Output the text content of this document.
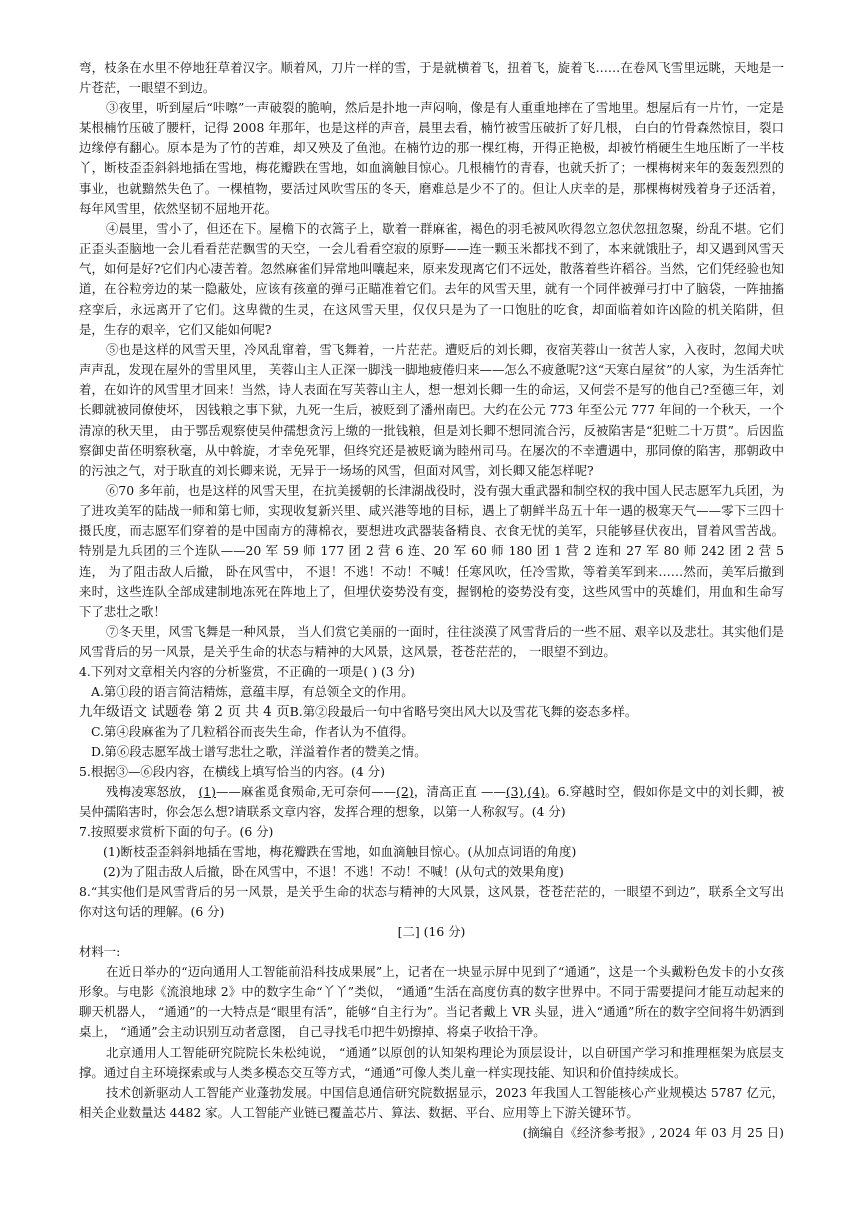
弯，枝条在水里不停地狂草着汉字。顺着风，刀片一样的雪，于是就横着飞，扭着飞，旋着飞……在卷风飞雪里远眺，天地是一片苍茫，一眼望不到边。

③夜里，听到屋后“咔嚓”一声破裂的脆响，然后是扑地一声闷响，像是有人重重地摔在了雪地里。想屋后有一片竹，一定是某根楠竹压破了腰杆，记得 2008 年那年，也是这样的声音，晨里去看，楠竹被雪压破折了好几根， 白白的竹骨森然惊目，裂口边缘停有翻心。原本是为了竹的苦难，却又殃及了鱼池。在楠竹边的那一棵红梅，开得正艳极，却被竹梢硬生生地压断了一半枝丫，断枝歪歪斜斜地插在雪地，梅花瓣跌在雪地，如血滴触目惊心。几根楠竹的青春，也就夭折了；一棵梅树来年的轰轰烈烈的事业，也就黯然失色了。一棵植物，要活过风吹雪压的冬天，磨难总是少不了的。但让人庆幸的是，那棵梅树残着身子还活着，每年风雪里，依然坚韧不屈地开花。

④晨里，雪小了，但还在下。屋檐下的衣篙子上，歇着一群麻雀，褐色的羽毛被风吹得忽立忽伏忽扭忽聚，纷乱不堪。它们正歪头歪脑地一会儿看看茫茫飘雪的天空，一会儿看看空寂的原野——连一颗玉米都找不到了，本来就饿肚子，却又遇到风雪天气，如何是好?它们内心凄苦着。忽然麻雀们异常地叫嚷起来，原来发现离它们不远处，散落着些许稻谷。当然，它们凭经验也知道，在谷粒旁边的某一隐蔽处，应该有孩童的弹弓正瞄准着它们。去年的风雪天里，就有一个同伴被弹弓打中了脑袋，一阵抽搐痉挛后，永远离开了它们。这卑微的生灵，在这风雪天里，仅仅只是为了一口饱肚的吃食，却面临着如许凶险的机关陷阱，但是，生存的艰辛，它们又能如何呢?

⑤也是这样的风雪天里，冷风乱窜着，雪飞舞着，一片茫茫。遭贬后的刘长卿，夜宿芙蓉山一贫苦人家，入夜时，忽闻犬吠声声乱，发现在屋外的雪里风里， 芙蓉山主人正深一脚浅一脚地疲倦归来——怎么不疲惫呢?这“天寒白屋贫”的人家，为生活奔忙着，在如许的风雪里才回来！当然，诗人表面在写芙蓉山主人，想一想刘长卿一生的命运，又何尝不是写的他自己?至德三年，刘长卿就被同僚使坏， 因钱粮之事下狱，九死一生后，被贬到了潘州南巴。大约在公元 773 年至公元 777 年间的一个秋天，一个清凉的秋天里， 由于鄂岳观察使吴仲孺想贪污上缴的一批钱粮，但是刘长卿不想同流合污，反被陷害是“犯赃二十万贯”。后因监察御史苗伾明察秋毫，从中斡旋，才幸免死罪，但终究还是被贬谪为睦州司马。在屡次的不幸遭遇中，那同僚的陷害，那朝政中的污浊之气，对于耿直的刘长卿来说，无异于一场场的风雪，但面对风雪，刘长卿又能怎样呢?

⑥70 多年前，也是这样的风雪天里，在抗美援朝的长津湖战役时，没有强大重武器和制空权的我中国人民志愿军九兵团，为了进攻美军的陆战一师和第七师，实现收复新兴里、咸兴港等地的目标，遇上了朝鲜半岛五十年一遇的极寒天气——零下三四十摄氏度，而志愿军们穿着的是中国南方的薄棉衣，要想进攻武器装备精良、衣食无忧的美军，只能够昼伏夜出，冒着风雪苦战。特别是九兵团的三个连队——20 军 59 师 177 团 2 营 6 连、20 军 60 师 180 团 1 营 2 连和 27 军 80 师 242 团 2 营 5 连， 为了阻击敌人后撤， 卧在风雪中， 不退！不逃！不动！不喊！任寒风吹，任冷雪欺，等着美军到来……然而，美军后撤到来时，这些连队全部成建制地冻死在阵地上了，但埋伏姿势没有变，握钢枪的姿势没有变，这些风雪中的英雄们，用血和生命写下了悲壮之歌！

⑦冬天里，风雪飞舞是一种风景， 当人们赏它美丽的一面时，往往淡漠了风雪背后的一些不屈、艰辛以及悲壮。其实他们是风雪背后的另一风景，是关乎生命的状态与精神的大风景，这风景，苍苍茫茫的， 一眼望不到边。

4.下列对文章相关内容的分析鉴赏，不正确的一项是( ) (3 分)

A.第①段的语言简洁精炼，意蕴丰厚，有总领全文的作用。

九年级语文 试题卷 第 2 页 共 4 页B.第②段最后一句中省略号突出风大以及雪花飞舞的姿态多样。

C.第④段麻雀为了几粒稻谷而丧失生命，作者认为不值得。

D.第⑥段志愿军战士谱写悲壮之歌，洋溢着作者的赞美之情。

5.根据③—⑥段内容，在横线上填写恰当的内容。(4 分)

残梅凌寒怒放， (1)——麻雀觅食殒命,无可奈何——(2)，清高正直 ——(3),(4)。6.穿越时空，假如你是文中的刘长卿，被吴仲孺陷害时，你会怎么想?请联系文章内容，发挥合理的想象，以第一人称叙写。(4 分)

7.按照要求赏析下面的句子。(6 分)

(1)断枝歪歪斜斜地插在雪地，梅花瓣跌在雪地，如血滴触目惊心。(从加点词语的角度)

(2)为了阻击敌人后撤，卧在风雪中，不退！不逃！不动！不喊！(从句式的效果角度)

8.“其实他们是风雪背后的另一风景，是关乎生命的状态与精神的大风景，这风景，苍苍茫茫的，一眼望不到边”，联系全文写出你对这句话的理解。(6 分)

[二] (16 分)

材料一:

在近日举办的“迈向通用人工智能前沿科技成果展”上，记者在一块显示屏中见到了“通通”，这是一个头戴粉色发卡的小女孩形象。与电影《流浪地球 2》中的数字生命“丫丫”类似， “通通”生活在高度仿真的数字世界中。不同于需要提问才能互动起来的聊天机器人， “通通”的一大特点是“眼里有活”，能够“自主行为”。当记者戴上 VR 头显，进入“通通”所在的数字空间将牛奶洒到桌上， “通通”会主动识别互动者意图， 自己寻找毛巾把牛奶擦掉、将桌子收拾干净。

北京通用人工智能研究院院长朱松纯说， “通通”以原创的认知架构理论为顶层设计，以自研国产学习和推理框架为底层支撑。通过自主环境探索或与人类多模态交互等方式，“通通”可像人类儿童一样实现技能、知识和价值持续成长。

技术创新驱动人工智能产业蓬勃发展。中国信息通信研究院数据显示，2023 年我国人工智能核心产业规模达 5787 亿元，相关企业数量达 4482 家。人工智能产业链已覆盖芯片、算法、数据、平台、应用等上下游关键环节。

(摘编自《经济参考报》, 2024 年 03 月 25 日)
